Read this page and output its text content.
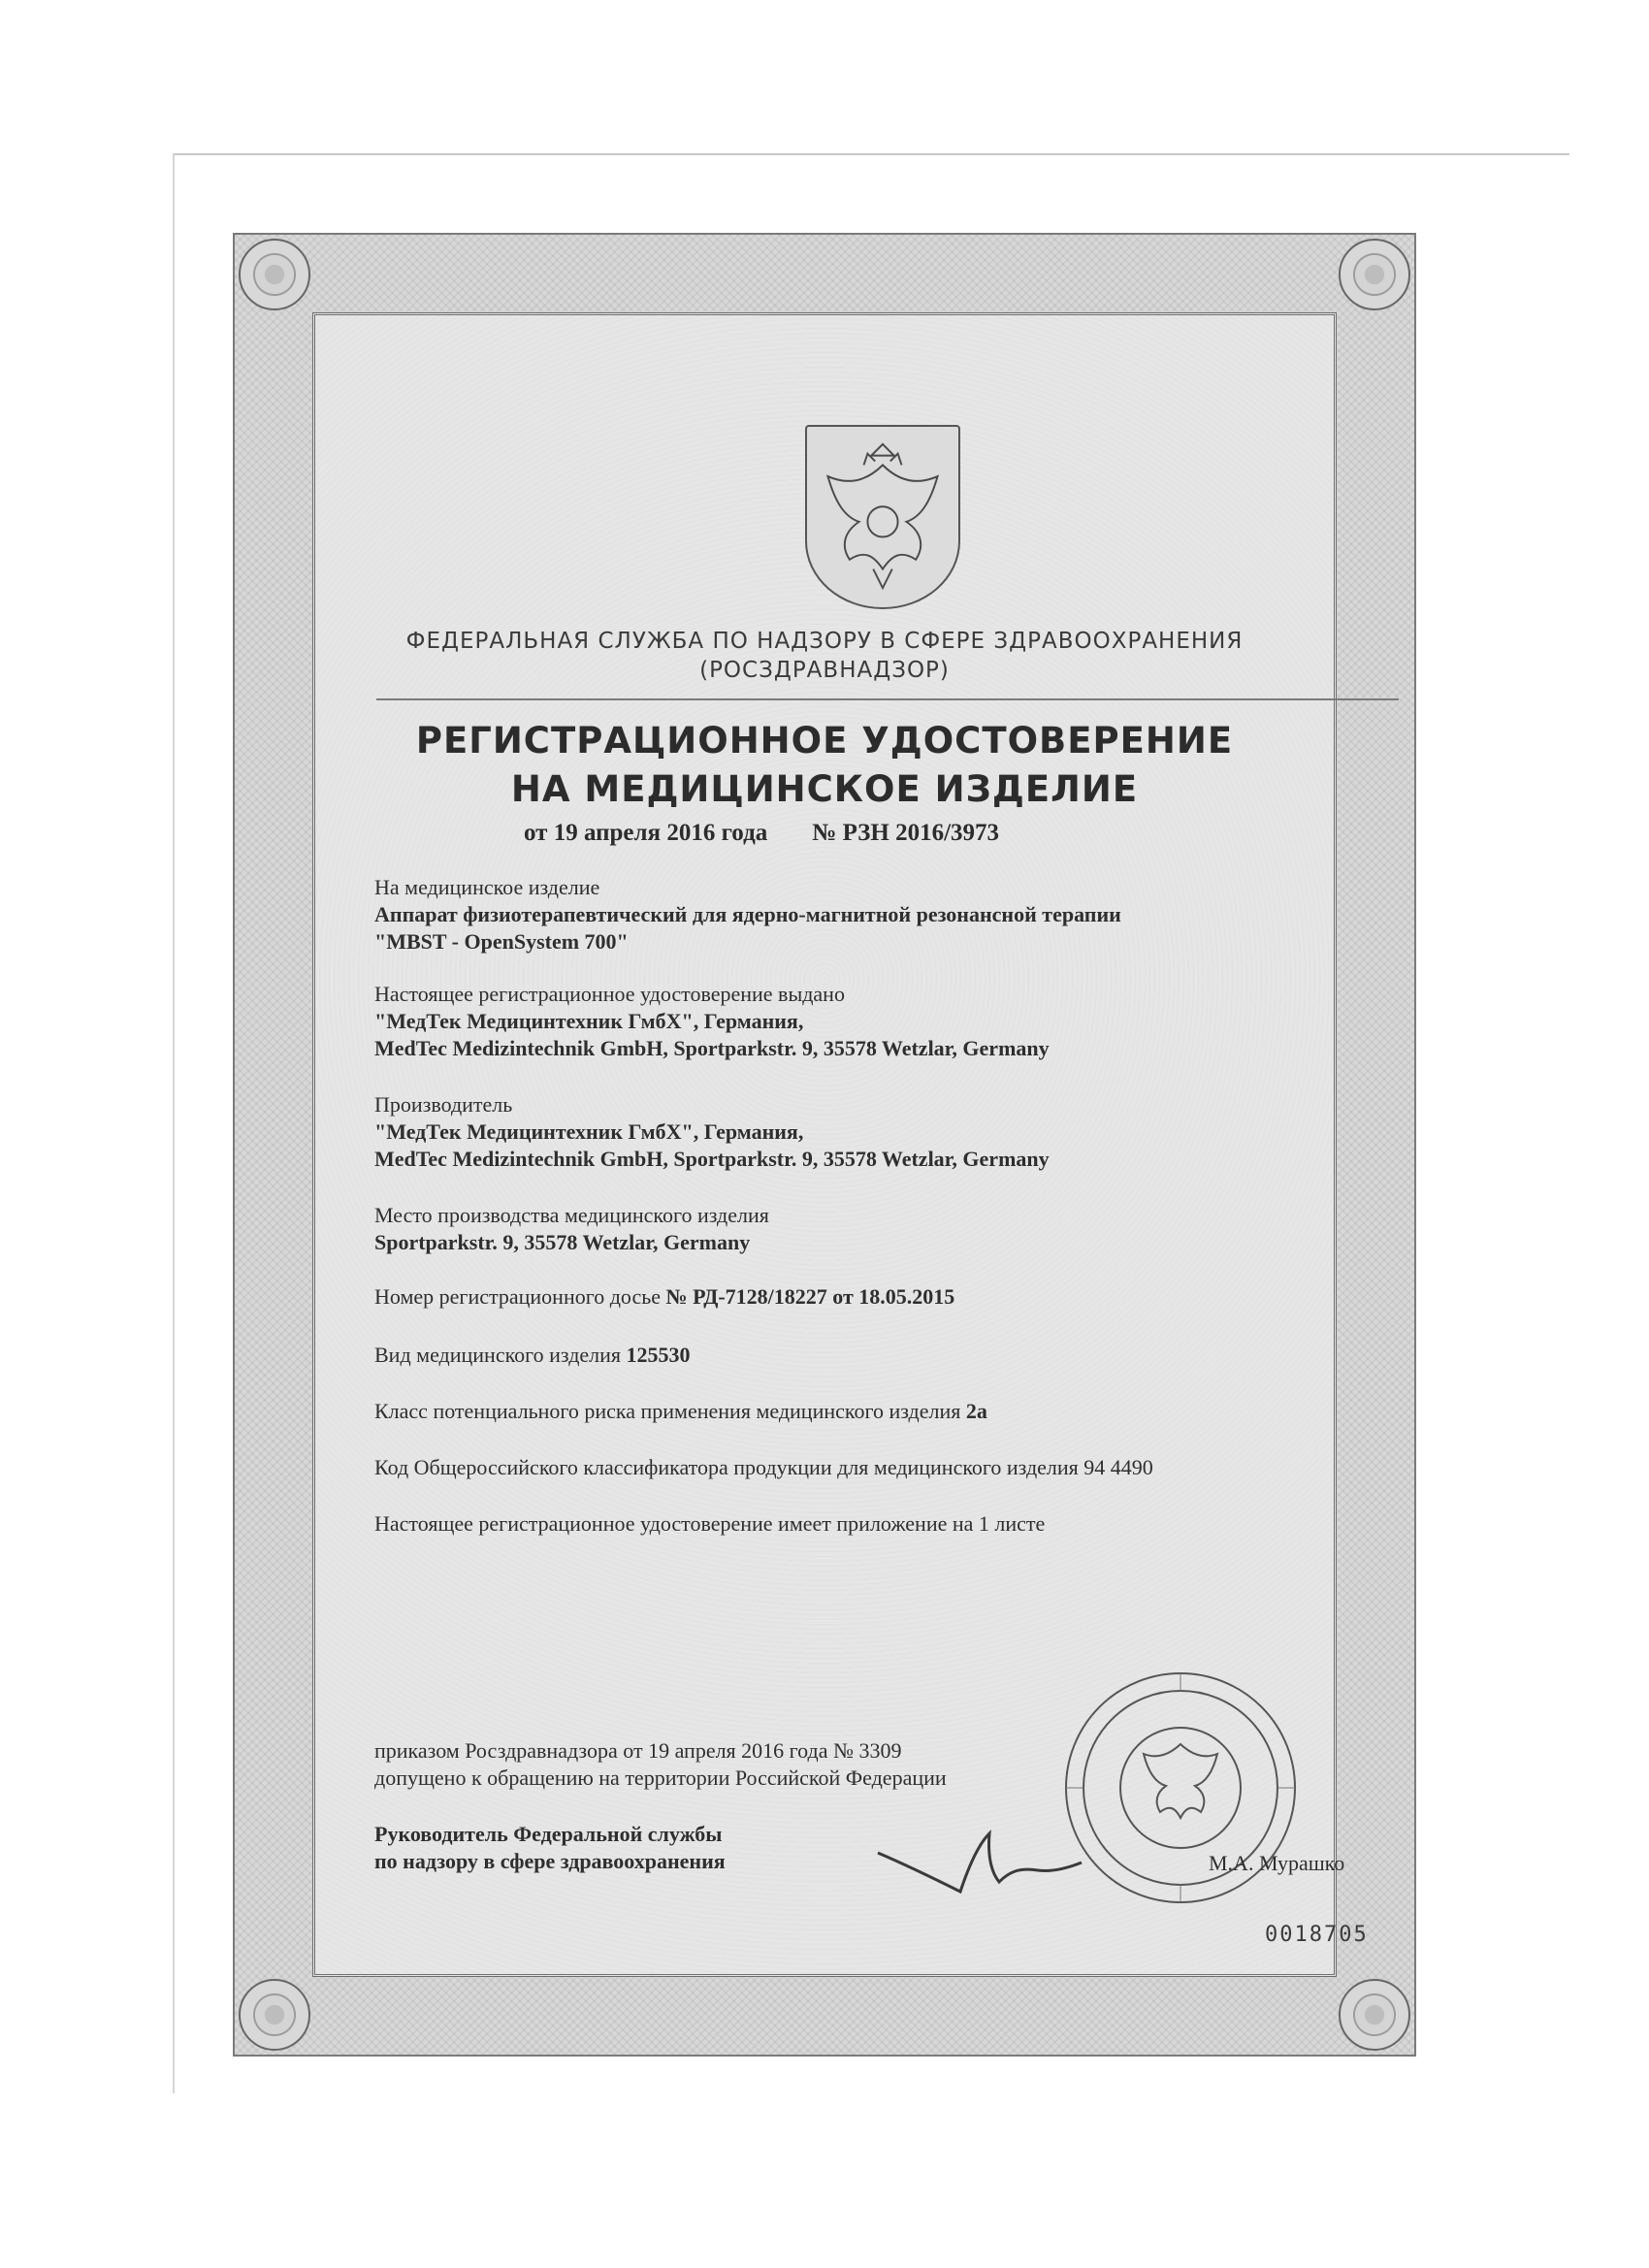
ФЕДЕРАЛЬНАЯ СЛУЖБА ПО НАДЗОРУ В СФЕРЕ ЗДРАВООХРАНЕНИЯ
(РОСЗДРАВНАДЗОР)
РЕГИСТРАЦИОННОЕ УДОСТОВЕРЕНИЕ
НА МЕДИЦИНСКОЕ ИЗДЕЛИЕ
от 19 апреля 2016 года № РЗН 2016/3973
На медицинское изделие
Аппарат физиотерапевтический для ядерно-магнитной резонансной терапии
"MBST - OpenSystem 700"
Настоящее регистрационное удостоверение выдано
"МедТек Медицинтехник ГмбХ", Германия,
MedTec Medizintechnik GmbH, Sportparkstr. 9, 35578 Wetzlar, Germany
Производитель
"МедТек Медицинтехник ГмбХ", Германия,
MedTec Medizintechnik GmbH, Sportparkstr. 9, 35578 Wetzlar, Germany
Место производства медицинского изделия
Sportparkstr. 9, 35578 Wetzlar, Germany
Номер регистрационного досье № РД-7128/18227 от 18.05.2015
Вид медицинского изделия 125530
Класс потенциального риска применения медицинского изделия 2а
Код Общероссийского классификатора продукции для медицинского изделия 94 4490
Настоящее регистрационное удостоверение имеет приложение на 1 листе
приказом Росздравнадзора от 19 апреля 2016 года № 3309
допущено к обращению на территории Российской Федерации
Руководитель Федеральной службы
по надзору в сфере здравоохранения	М.А. Мурашко
0018705
